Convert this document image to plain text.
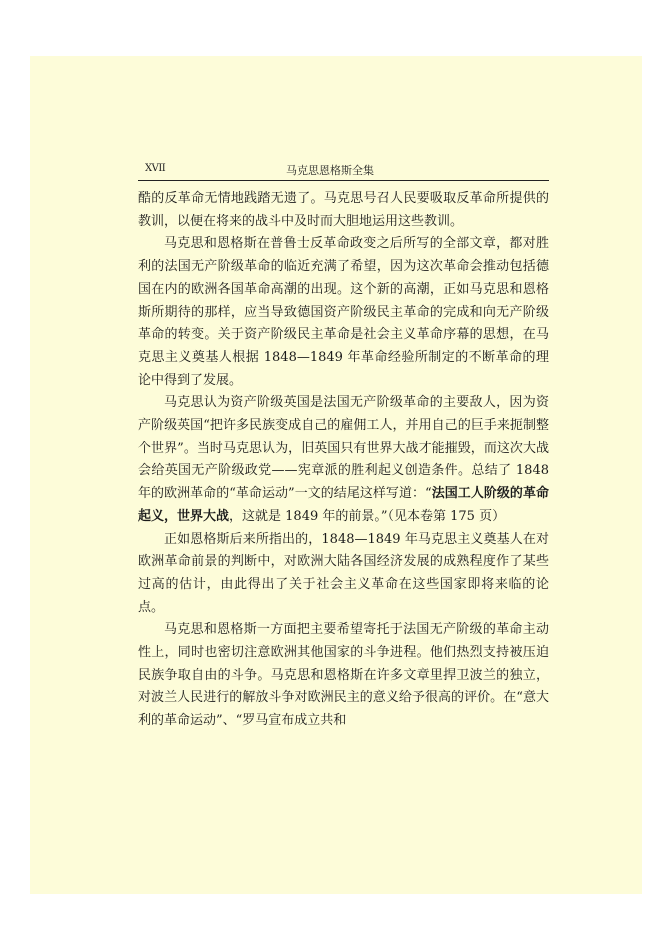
XVII	马克思恩格斯全集

酷的反革命无情地践踏无遗了。马克思号召人民要吸取反革命所提供的教训，以便在将来的战斗中及时而大胆地运用这些教训。

马克思和恩格斯在普鲁士反革命政变之后所写的全部文章，都对胜利的法国无产阶级革命的临近充满了希望，因为这次革命会推动包括德国在内的欧洲各国革命高潮的出现。这个新的高潮，正如马克思和恩格斯所期待的那样，应当导致德国资产阶级民主革命的完成和向无产阶级革命的转变。关于资产阶级民主革命是社会主义革命序幕的思想，在马克思主义奠基人根据 1848—1849 年革命经验所制定的不断革命的理论中得到了发展。

马克思认为资产阶级英国是法国无产阶级革命的主要敌人，因为资产阶级英国“把许多民族变成自己的雇佣工人，并用自己的巨手来扼制整个世界”。当时马克思认为，旧英国只有世界大战才能摧毁，而这次大战会给英国无产阶级政党——宪章派的胜利起义创造条件。总结了 1848 年的欧洲革命的“革命运动”一文的结尾这样写道：“法国工人阶级的革命起义，世界大战，这就是 1849 年的前景。”（见本卷第 175 页）

正如恩格斯后来所指出的，1848—1849 年马克思主义奠基人在对欧洲革命前景的判断中，对欧洲大陆各国经济发展的成熟程度作了某些过高的估计，由此得出了关于社会主义革命在这些国家即将来临的论点。

马克思和恩格斯一方面把主要希望寄托于法国无产阶级的革命主动性上，同时也密切注意欧洲其他国家的斗争进程。他们热烈支持被压迫民族争取自由的斗争。马克思和恩格斯在许多文章里捍卫波兰的独立，对波兰人民进行的解放斗争对欧洲民主的意义给予很高的评价。在“意大利的革命运动”、“罗马宣布成立共和
